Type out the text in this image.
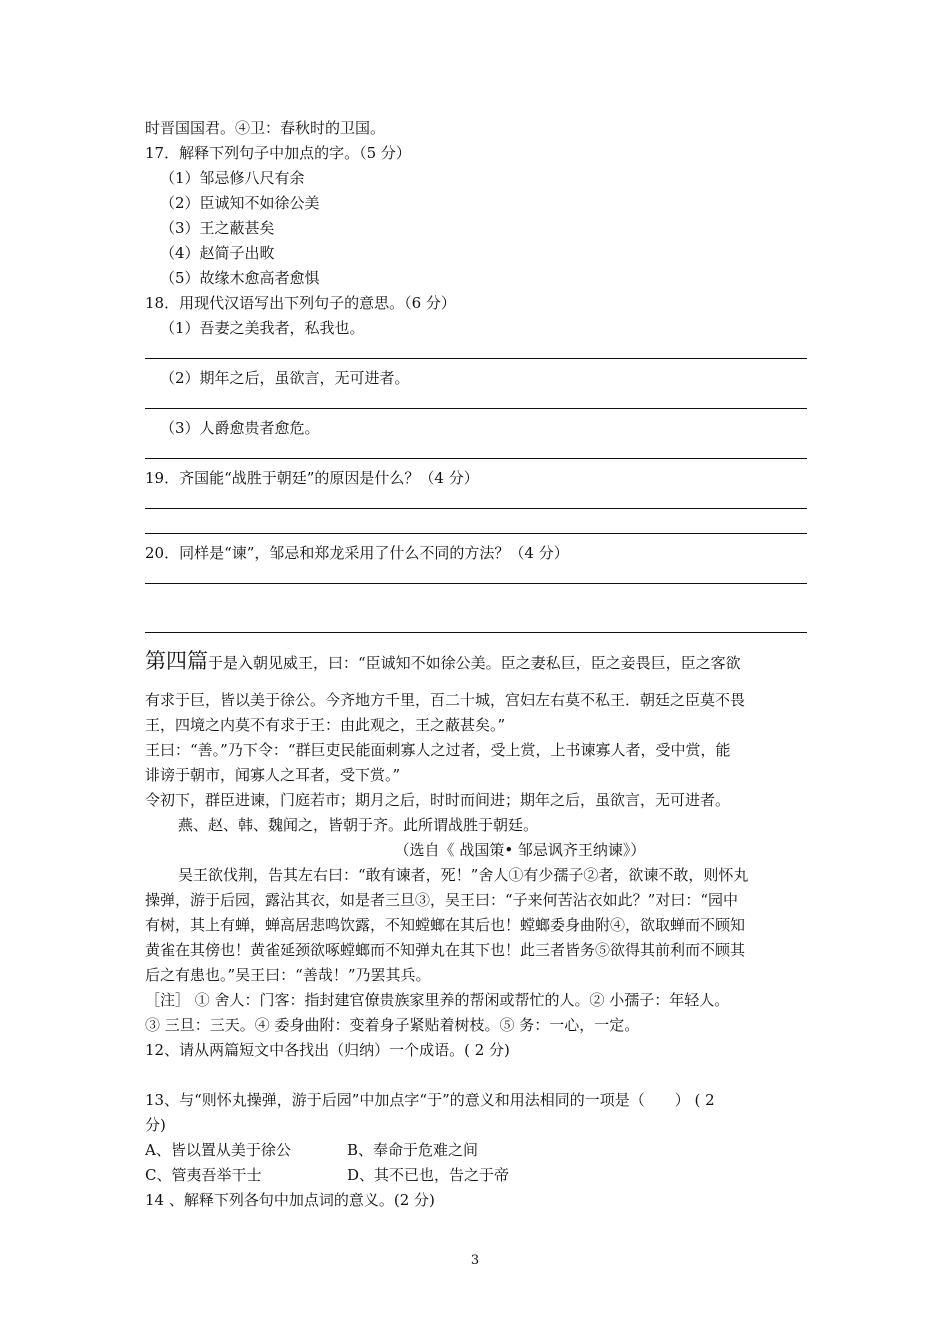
时晋国国君。④卫：春秋时的卫国。
17．解释下列句子中加点的字。（5 分）
（1）邹忌修八尺有余
（2）臣诚知不如徐公美
（3）王之蔽甚矣
（4）赵简子出畋
（5）故缘木愈高者愈惧
18．用现代汉语写出下列句子的意思。（6 分）
（1）吾妻之美我者，私我也。
（2）期年之后，虽欲言，无可进者。
（3）人爵愈贵者愈危。
19．齐国能“战胜于朝廷”的原因是什么？（4 分）
20．同样是“谏”，邹忌和郑龙采用了什么不同的方法？（4 分）
第四篇于是入朝见威王，曰：“臣诚知不如徐公美。臣之妻私巨，臣之妾畏巨，臣之客欲
有求于巨，皆以美于徐公。今齐地方千里，百二十城，宫妇左右莫不私王．朝廷之臣莫不畏
王，四境之内莫不有求于王：由此观之，王之蔽甚矣。”
王曰：“善。”乃下令：“群巨吏民能面刺寡人之过者，受上赏，上书谏寡人者，受中赏，能
诽谤于朝市，闻寡人之耳者，受下赏。”
令初下，群臣进谏，门庭若市；期月之后，时时而间进；期年之后，虽欲言，无可进者。
燕、赵、韩、魏闻之，皆朝于齐。此所谓战胜于朝廷。
（选自《 战国策• 邹忌讽齐王纳谏》）
吴王欲伐荆，告其左右曰：“敢有谏者，死！”舍人①有少孺子②者，欲谏不敢，则怀丸
操弹，游于后园，露沾其衣，如是者三旦③，吴王曰：“子来何苦沾衣如此？”对曰：“园中
有树，其上有蝉，蝉高居悲鸣饮露，不知螳螂在其后也！螳螂委身曲附④，欲取蝉而不顾知
黄雀在其傍也！黄雀延颈欲啄螳螂而不知弹丸在其下也！此三者皆务⑤欲得其前利而不顾其
后之有患也。”吴王曰：“善哉！”乃罢其兵。
［注］ ① 舍人：门客：指封建官僚贵族家里养的帮闲或帮忙的人。② 小孺子：年轻人。
③ 三旦：三天。④ 委身曲附：变着身子紧贴着树枝。⑤ 务：一心，一定。
12、请从两篇短文中各找出（归纳）一个成语。( 2 分)
13、与“则怀丸操弹，游于后园”中加点字“于”的意义和用法相同的一项是（　　） ( 2
分)
A、皆以置从美于徐公	B、奉命于危难之间
C、管夷吾举干士	D、其不已也，告之于帝
14 、解释下列各句中加点词的意义。(2 分)
3
